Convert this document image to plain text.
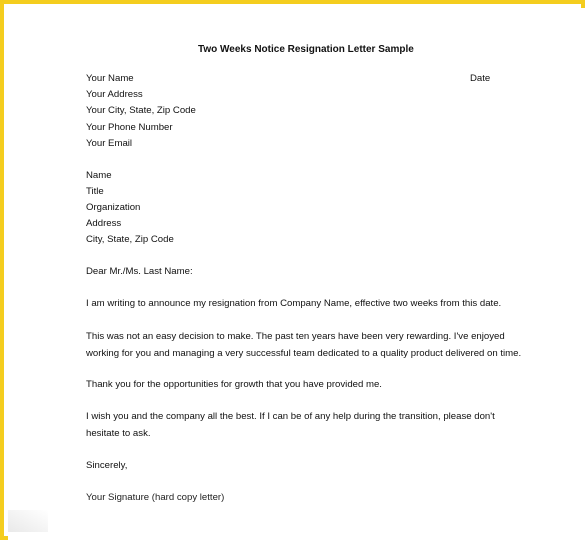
Two Weeks Notice Resignation Letter Sample
Date
Your Name
Your Address
Your City, State, Zip Code
Your Phone Number
Your Email
Name
Title
Organization
Address
City, State, Zip Code
Dear Mr./Ms. Last Name:
I am writing to announce my resignation from Company Name, effective two weeks from this date.
This was not an easy decision to make. The past ten years have been very rewarding. I've enjoyed
working for you and managing a very successful team dedicated to a quality product delivered on time.
Thank you for the opportunities for growth that you have provided me.
I wish you and the company all the best. If I can be of any help during the transition, please don't
hesitate to ask.
Sincerely,
Your Signature (hard copy letter)
